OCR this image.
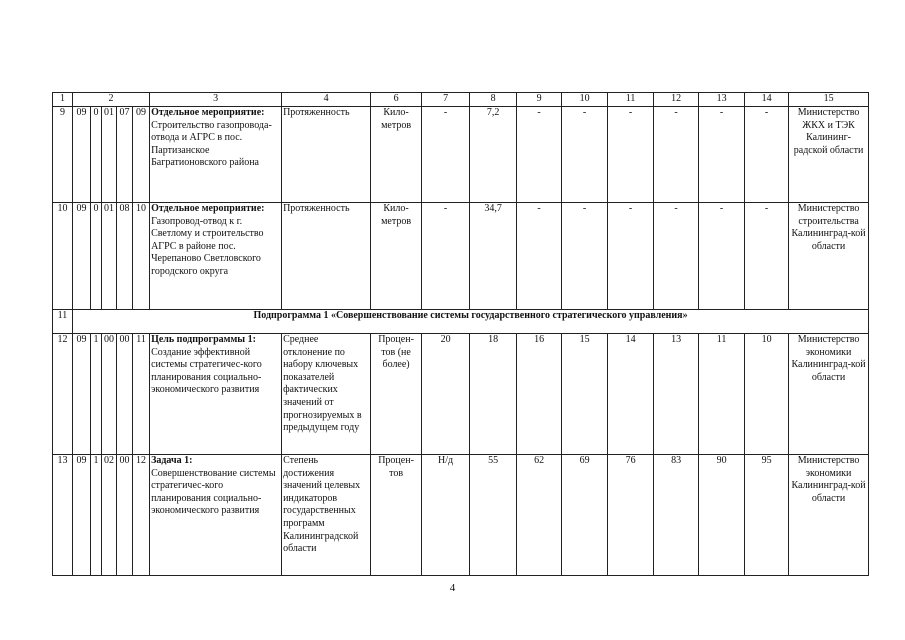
1	2					3	4	6	7	8	9	10	11	12	13	14	15
9	09	0	01	07	09	Отдельное мероприятие:
Строительство газопровода-отвода и АГРС в пос. Партизанское Багратионовского района	Протяженность	Кило-метров	-	7,2	-	-	-	-	-	-	Министерство ЖКХ и ТЭК Калининг-радской области
10	09	0	01	08	10	Отдельное мероприятие:
Газопровод-отвод к г. Светлому и строительство АГРС в районе пос. Черепаново Светловского городского округа	Протяженность	Кило-метров	-	34,7	-	-	-	-	-	-	Министерство строительства Калининград-кой области
11	Подпрограмма 1 «Совершенствование системы государственного стратегического управления»																
12	09	1	00	00	11	Цель подпрограммы 1:
Создание эффективной системы стратегичес-кого планирования социально-экономического развития	Среднее отклонение по набору ключевых показателей фактических значений от прогнозируемых в предыдущем году	Процен-тов (не более)	20	18	16	15	14	13	11	10	Министерство экономики Калининград-кой области
13	09	1	02	00	12	Задача 1:
Совершенствование системы стратегичес-кого планирования социально-экономического развития	Степень достижения значений целевых индикаторов государственных программ Калининградской области	Процен-тов	Н/д	55	62	69	76	83	90	95	Министерство экономики Калининград-кой области
4
